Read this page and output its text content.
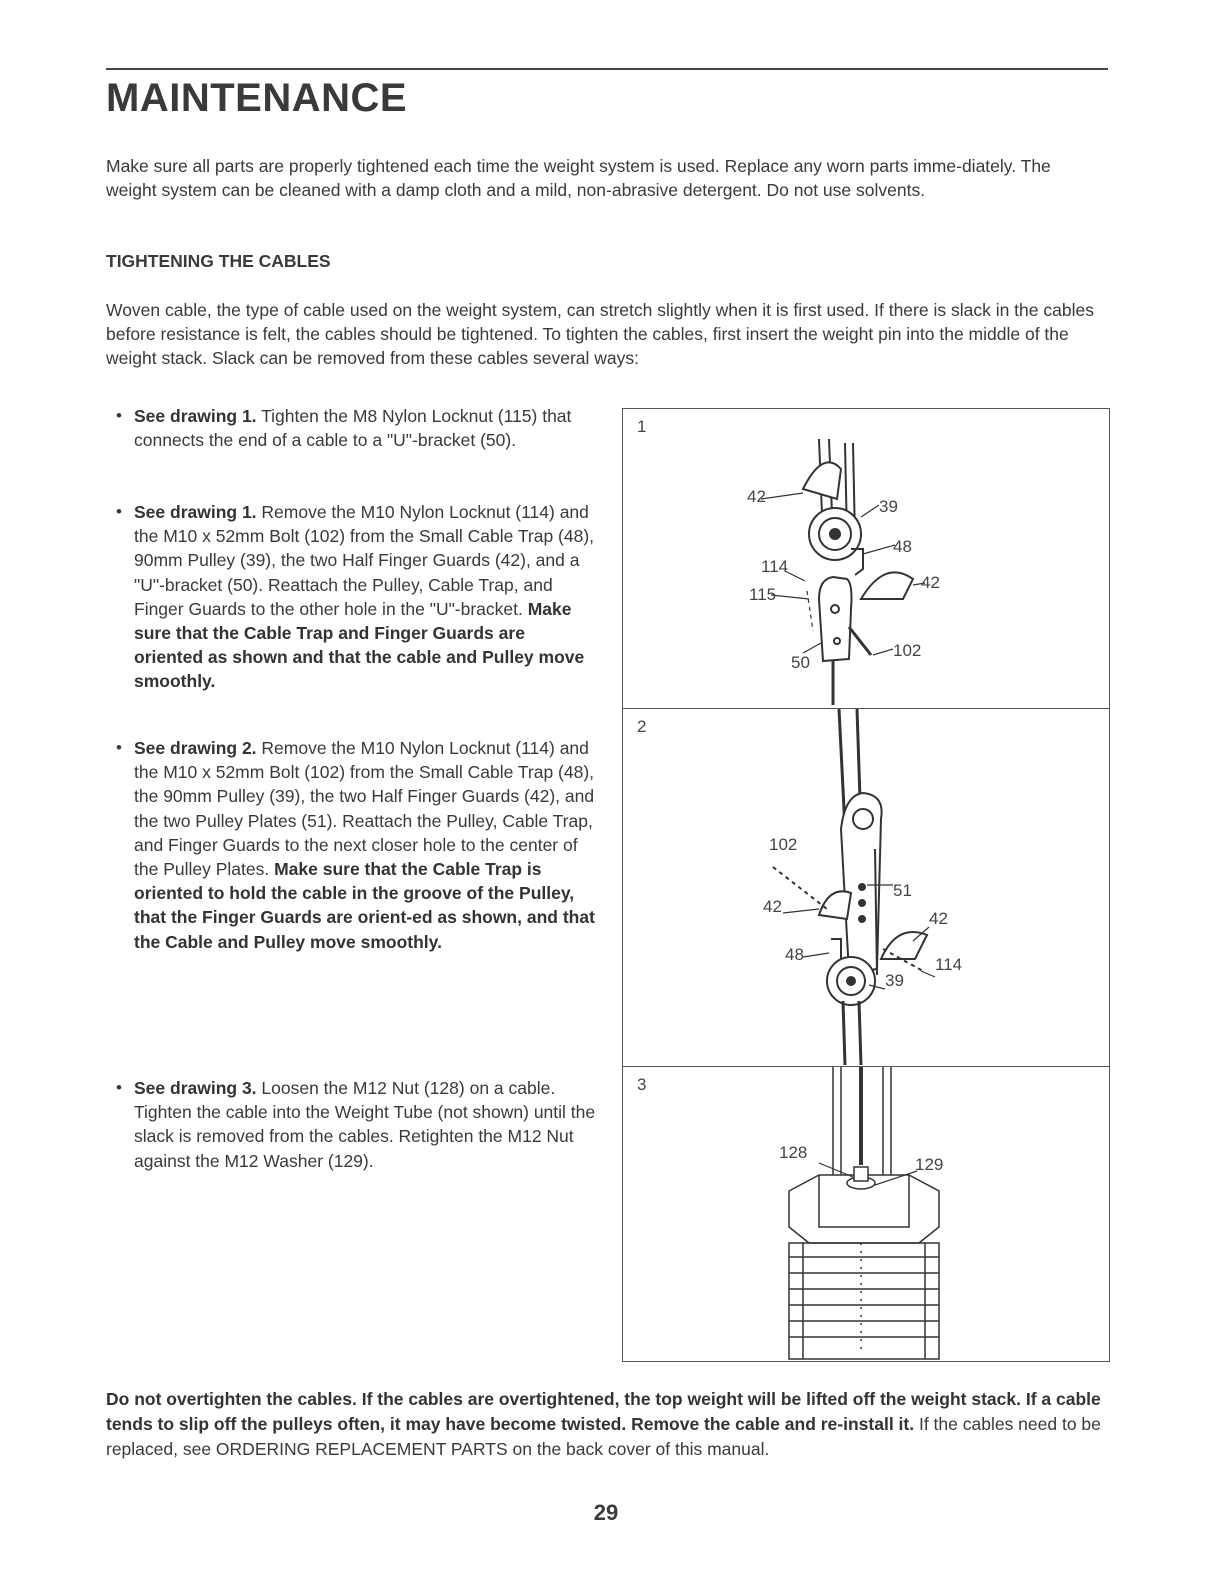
MAINTENANCE

Make sure all parts are properly tightened each time the weight system is used. Replace any worn parts imme-diately. The weight system can be cleaned with a damp cloth and a mild, non-abrasive detergent. Do not use solvents.

TIGHTENING THE CABLES

Woven cable, the type of cable used on the weight system, can stretch slightly when it is first used. If there is slack in the cables before resistance is felt, the cables should be tightened. To tighten the cables, first insert the weight pin into the middle of the weight stack. Slack can be removed from these cables several ways:

• See drawing 1. Tighten the M8 Nylon Locknut (115) that connects the end of a cable to a "U"-bracket (50).
• See drawing 1. Remove the M10 Nylon Locknut (114) and the M10 x 52mm Bolt (102) from the Small Cable Trap (48), 90mm Pulley (39), the two Half Finger Guards (42), and a "U"-bracket (50). Reattach the Pulley, Cable Trap, and Finger Guards to the other hole in the "U"-bracket. Make sure that the Cable Trap and Finger Guards are oriented as shown and that the cable and Pulley move smoothly.
• See drawing 2. Remove the M10 Nylon Locknut (114) and the M10 x 52mm Bolt (102) from the Small Cable Trap (48), the 90mm Pulley (39), the two Half Finger Guards (42), and the two Pulley Plates (51). Reattach the Pulley, Cable Trap, and Finger Guards to the next closer hole to the center of the Pulley Plates. Make sure that the Cable Trap is oriented to hold the cable in the groove of the Pulley, that the Finger Guards are orient-ed as shown, and that the Cable and Pulley move smoothly.
• See drawing 3. Loosen the M12 Nut (128) on a cable. Tighten the cable into the Weight Tube (not shown) until the slack is removed from the cables. Retighten the M12 Nut against the M12 Washer (129).
1
42
39
48
114
115
42
50
102
2
102
51
42
42
48
114
39
3
128
129

Do not overtighten the cables. If the cables are overtightened, the top weight will be lifted off the weight stack. If a cable tends to slip off the pulleys often, it may have become twisted. Remove the cable and re-install it. If the cables need to be replaced, see ORDERING REPLACEMENT PARTS on the back cover of this manual.

29
